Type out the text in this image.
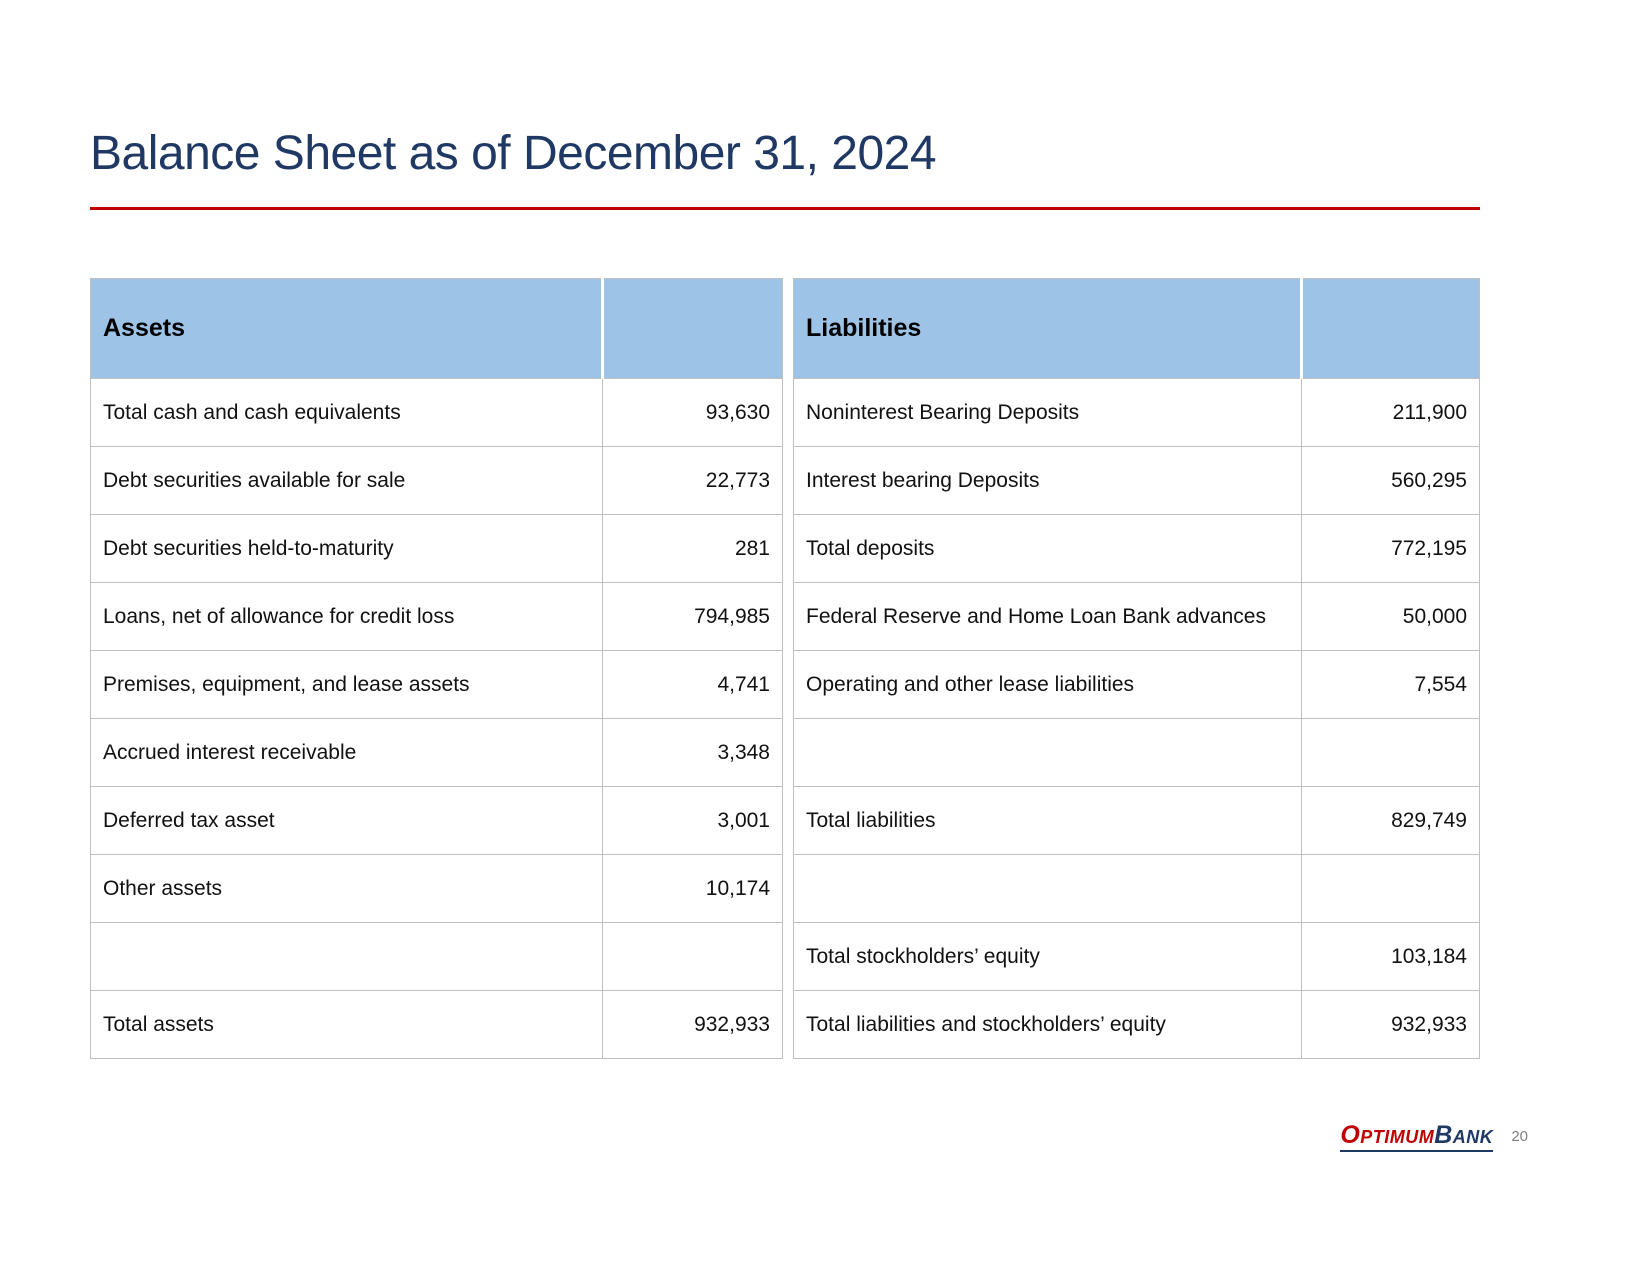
Balance Sheet as of December 31, 2024
Assets	
Total cash and cash equivalents	93,630
Debt securities available for sale	22,773
Debt securities held-to-maturity	281
Loans, net of allowance for credit loss	794,985
Premises, equipment, and lease assets	4,741
Accrued interest receivable	3,348
Deferred tax asset	3,001
Other assets	10,174

Total assets	932,933
Liabilities	
Noninterest Bearing Deposits	211,900
Interest bearing Deposits	560,295
Total deposits	772,195
Federal Reserve and Home Loan Bank advances	50,000
Operating and other lease liabilities	7,554

Total liabilities	829,749

Total stockholders’ equity	103,184
Total liabilities and stockholders’ equity	932,933
OptimumBank 20
